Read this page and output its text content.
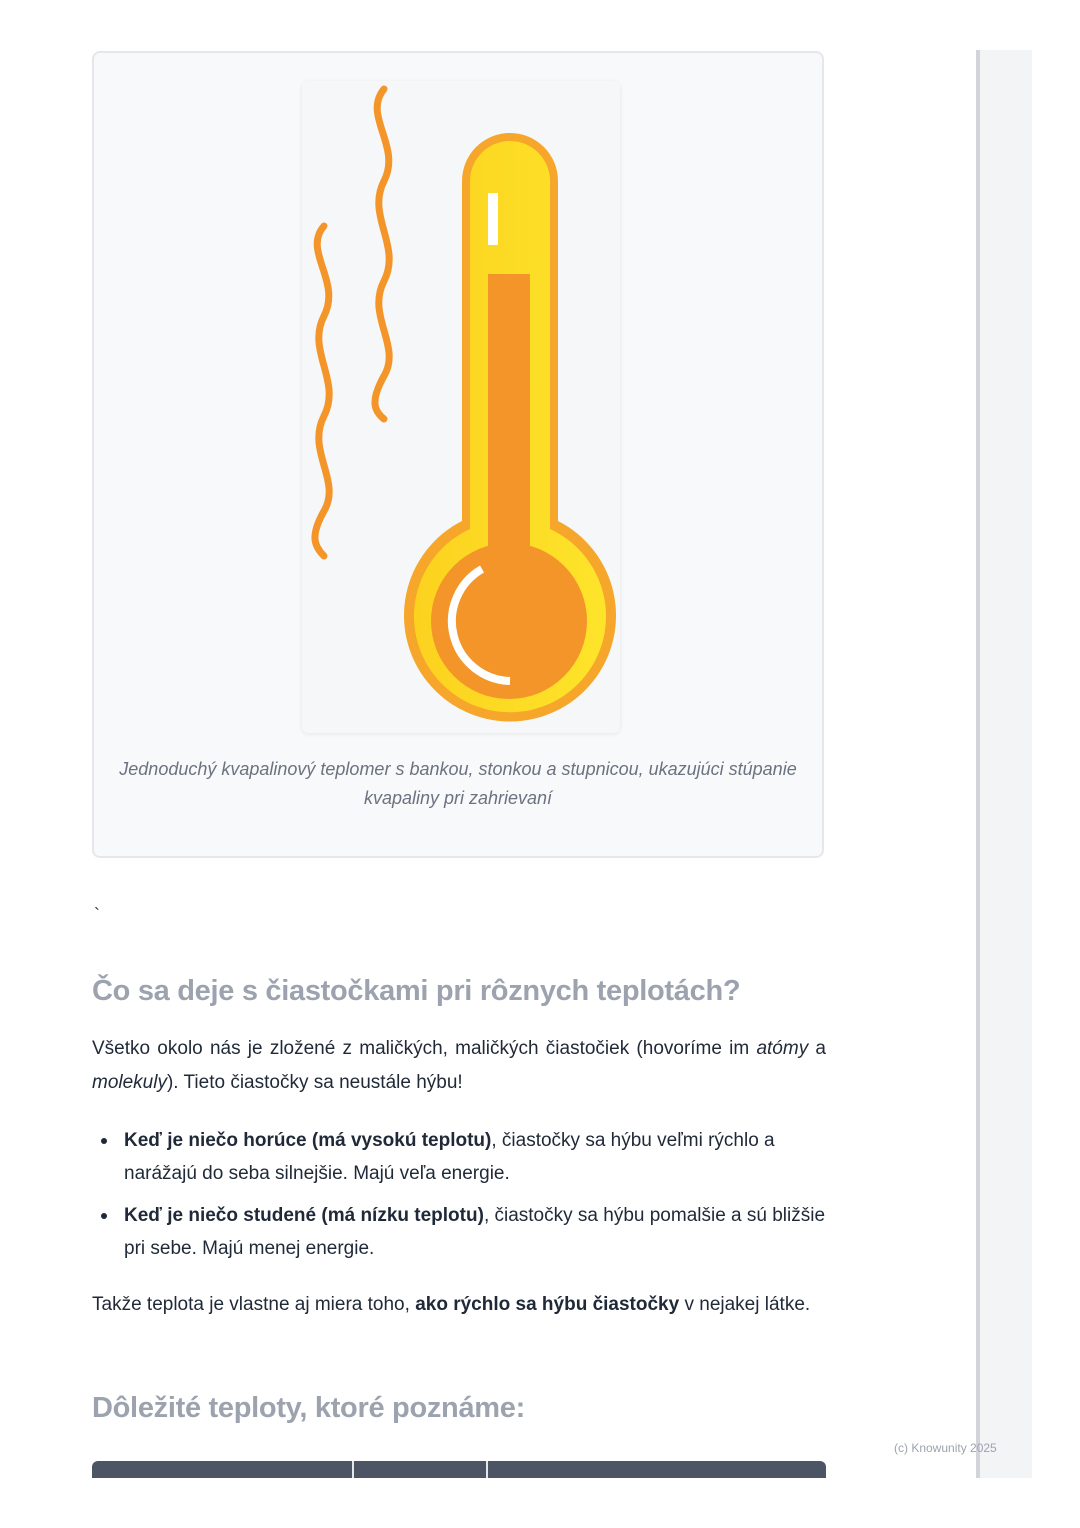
Jednoduchý kvapalinový teplomer s bankou, stonkou a stupnicou, ukazujúci stúpanie kvapaliny pri zahrievaní
`
Čo sa deje s čiastočkami pri rôznych teplotách?

Všetko okolo nás je zložené z maličkých, maličkých čiastočiek (hovoríme im atómy a molekuly). Tieto čiastočky sa neustále hýbu!

Keď je niečo horúce (má vysokú teplotu), čiastočky sa hýbu veľmi rýchlo a narážajú do seba silnejšie. Majú veľa energie.
Keď je niečo studené (má nízku teplotu), čiastočky sa hýbu pomalšie a sú bližšie pri sebe. Majú menej energie.

Takže teplota je vlastne aj miera toho, ako rýchlo sa hýbu čiastočky v nejakej látke.

Dôležité teploty, ktoré poznáme:
(c) Knowunity 2025
